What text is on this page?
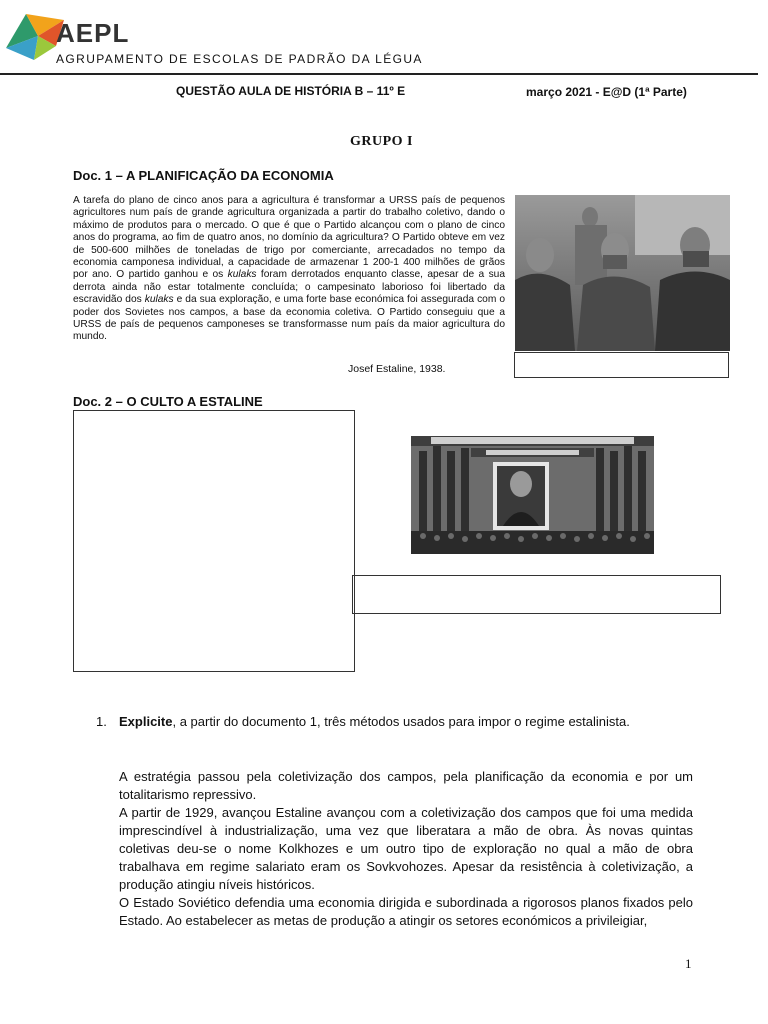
AEPL
AGRUPAMENTO DE ESCOLAS DE PADRÃO DA LÉGUA
QUESTÃO AULA DE HISTÓRIA B – 11º E	março 2021 - E@D (1ª Parte)
GRUPO I
Doc. 1 – A PLANIFICAÇÃO DA ECONOMIA

A tarefa do plano de cinco anos para a agricultura é transformar a URSS país de pequenos agricultores num país de grande agricultura organizada a partir do trabalho coletivo, dando o máximo de produtos para o mercado. O que é que o Partido alcançou com o plano de cinco anos do programa, ao fim de quatro anos, no domínio da agricultura? O Partido obteve em vez de 500-600 milhões de toneladas de trigo por comerciante, arrecadados no tempo da economia camponesa individual, a capacidade de armazenar 1 200-1 400 milhões de grãos por ano. O partido ganhou e os kulaks foram derrotados enquanto classe, apesar de a sua derrota ainda não estar totalmente concluída; o campesinato laborioso foi libertado da escravidão dos kulaks e da sua exploração, e uma forte base económica foi assegurada com o poder dos Sovietes nos campos, a base da economia coletiva. O Partido conseguiu que a URSS de país de pequenos camponeses se transformasse num país da maior agricultura do mundo.

Josef Estaline, 1938.
Doc. 2 – O CULTO A ESTALINE
1. Explicite, a partir do documento 1, três métodos usados para impor o regime estalinista.

A estratégia passou pela coletivização dos campos, pela planificação da economia e por um totalitarismo repressivo.

A partir de 1929, avançou Estaline avançou com a coletivização dos campos que foi uma medida imprescindível à industrialização, uma vez que liberatara a mão de obra. Às novas quintas coletivas deu-se o nome Kolkhozes e um outro tipo de exploração no qual a mão de obra trabalhava em regime salariato eram os Sovkvohozes. Apesar da resistência à coletivização, a produção atingiu níveis históricos.

O Estado Soviético defendia uma economia dirigida e subordinada a rigorosos planos fixados pelo Estado. Ao estabelecer as metas de produção a atingir os setores económicos a privileigiar,

1
